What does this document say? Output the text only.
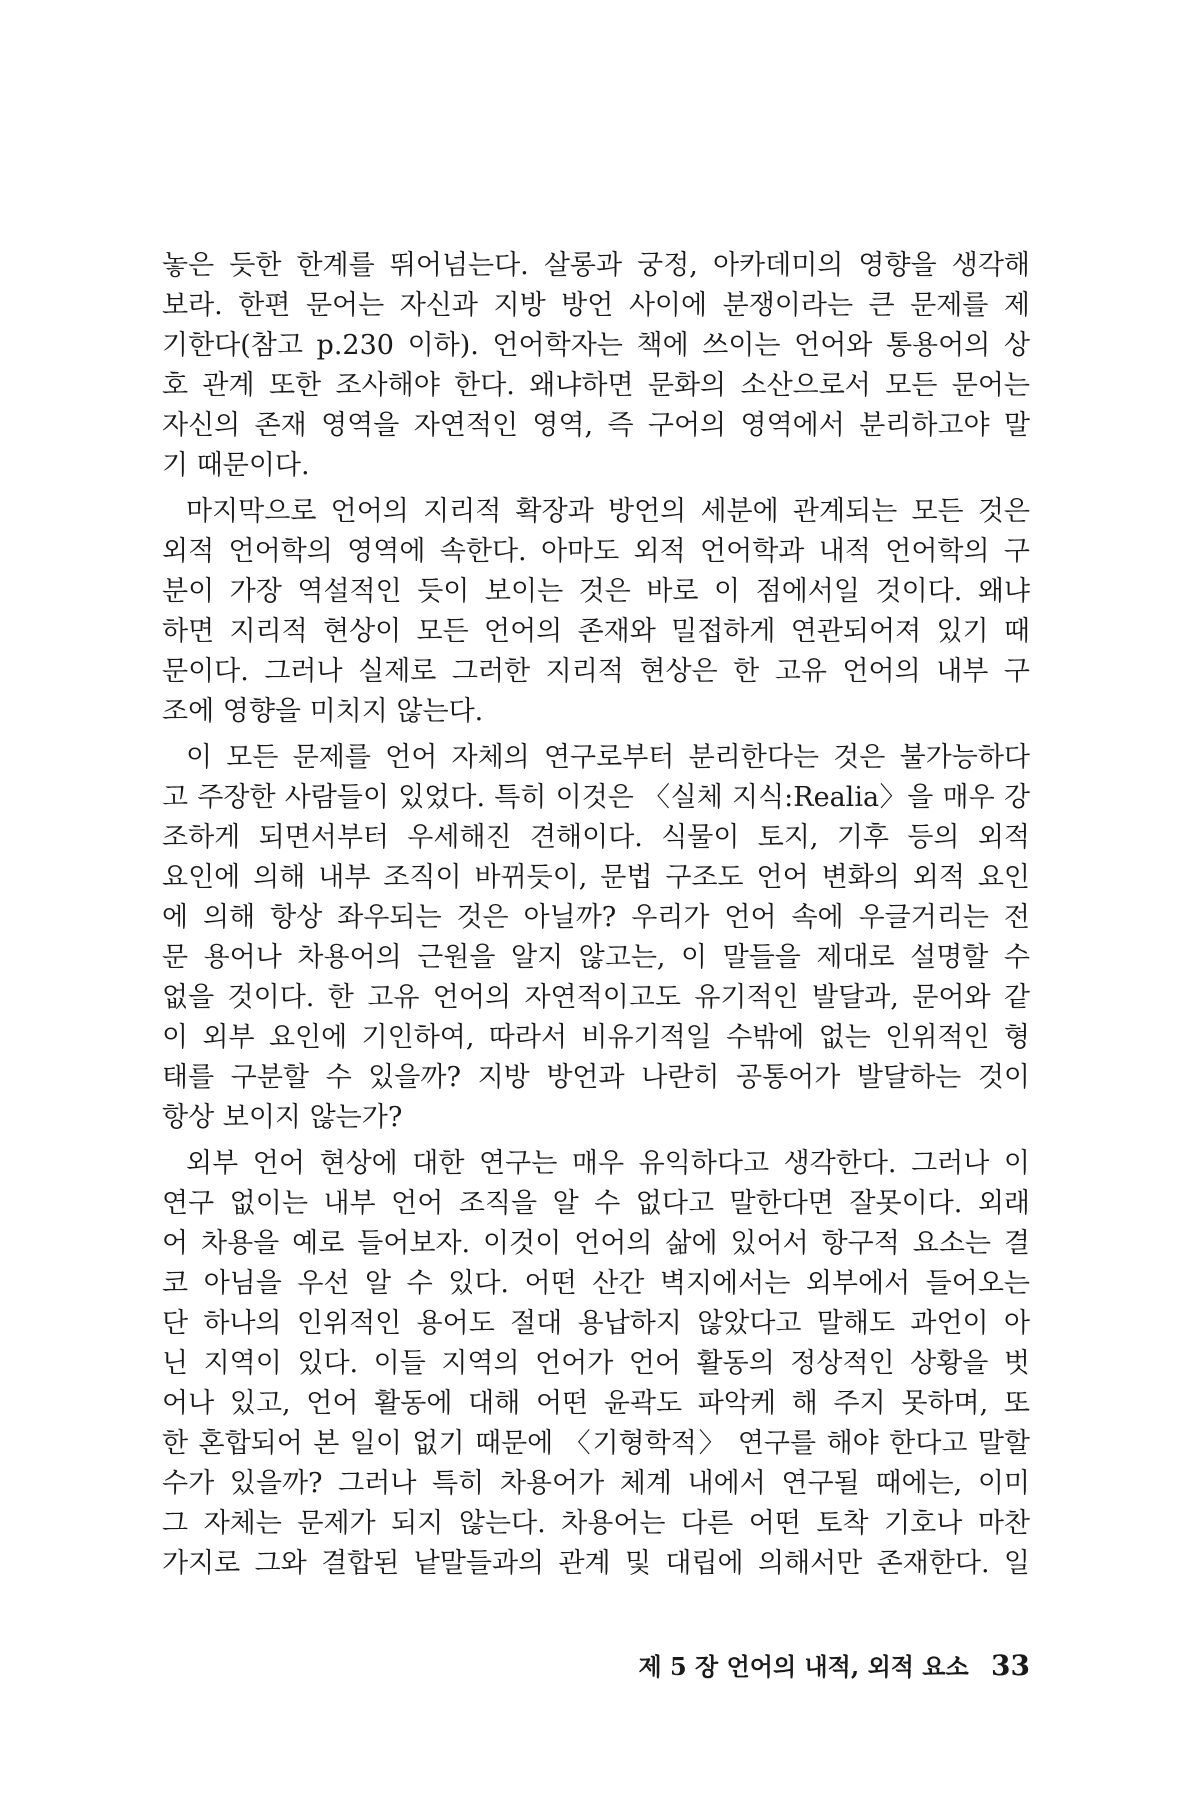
놓은 듯한 한계를 뛰어넘는다. 살롱과 궁정, 아카데미의 영향을 생각해
보라. 한편 문어는 자신과 지방 방언 사이에 분쟁이라는 큰 문제를 제
기한다(참고 p.230 이하). 언어학자는 책에 쓰이는 언어와 통용어의 상
호 관계 또한 조사해야 한다. 왜냐하면 문화의 소산으로서 모든 문어는
자신의 존재 영역을 자연적인 영역, 즉 구어의 영역에서 분리하고야 말
기 때문이다.
마지막으로 언어의 지리적 확장과 방언의 세분에 관계되는 모든 것은
외적 언어학의 영역에 속한다. 아마도 외적 언어학과 내적 언어학의 구
분이 가장 역설적인 듯이 보이는 것은 바로 이 점에서일 것이다. 왜냐
하면 지리적 현상이 모든 언어의 존재와 밀접하게 연관되어져 있기 때
문이다. 그러나 실제로 그러한 지리적 현상은 한 고유 언어의 내부 구
조에 영향을 미치지 않는다.
이 모든 문제를 언어 자체의 연구로부터 분리한다는 것은 불가능하다
고 주장한 사람들이 있었다. 특히 이것은 〈실체 지식:Realia〉을 매우 강
조하게 되면서부터 우세해진 견해이다. 식물이 토지, 기후 등의 외적
요인에 의해 내부 조직이 바뀌듯이, 문법 구조도 언어 변화의 외적 요인
에 의해 항상 좌우되는 것은 아닐까? 우리가 언어 속에 우글거리는 전
문 용어나 차용어의 근원을 알지 않고는, 이 말들을 제대로 설명할 수
없을 것이다. 한 고유 언어의 자연적이고도 유기적인 발달과, 문어와 같
이 외부 요인에 기인하여, 따라서 비유기적일 수밖에 없는 인위적인 형
태를 구분할 수 있을까? 지방 방언과 나란히 공통어가 발달하는 것이
항상 보이지 않는가?
외부 언어 현상에 대한 연구는 매우 유익하다고 생각한다. 그러나 이
연구 없이는 내부 언어 조직을 알 수 없다고 말한다면 잘못이다. 외래
어 차용을 예로 들어보자. 이것이 언어의 삶에 있어서 항구적 요소는 결
코 아님을 우선 알 수 있다. 어떤 산간 벽지에서는 외부에서 들어오는
단 하나의 인위적인 용어도 절대 용납하지 않았다고 말해도 과언이 아
닌 지역이 있다. 이들 지역의 언어가 언어 활동의 정상적인 상황을 벗
어나 있고, 언어 활동에 대해 어떤 윤곽도 파악케 해 주지 못하며, 또
한 혼합되어 본 일이 없기 때문에 〈기형학적〉 연구를 해야 한다고 말할
수가 있을까? 그러나 특히 차용어가 체계 내에서 연구될 때에는, 이미
그 자체는 문제가 되지 않는다. 차용어는 다른 어떤 토착 기호나 마찬
가지로 그와 결합된 낱말들과의 관계 및 대립에 의해서만 존재한다. 일
제 5 장 언어의 내적, 외적 요소 33
